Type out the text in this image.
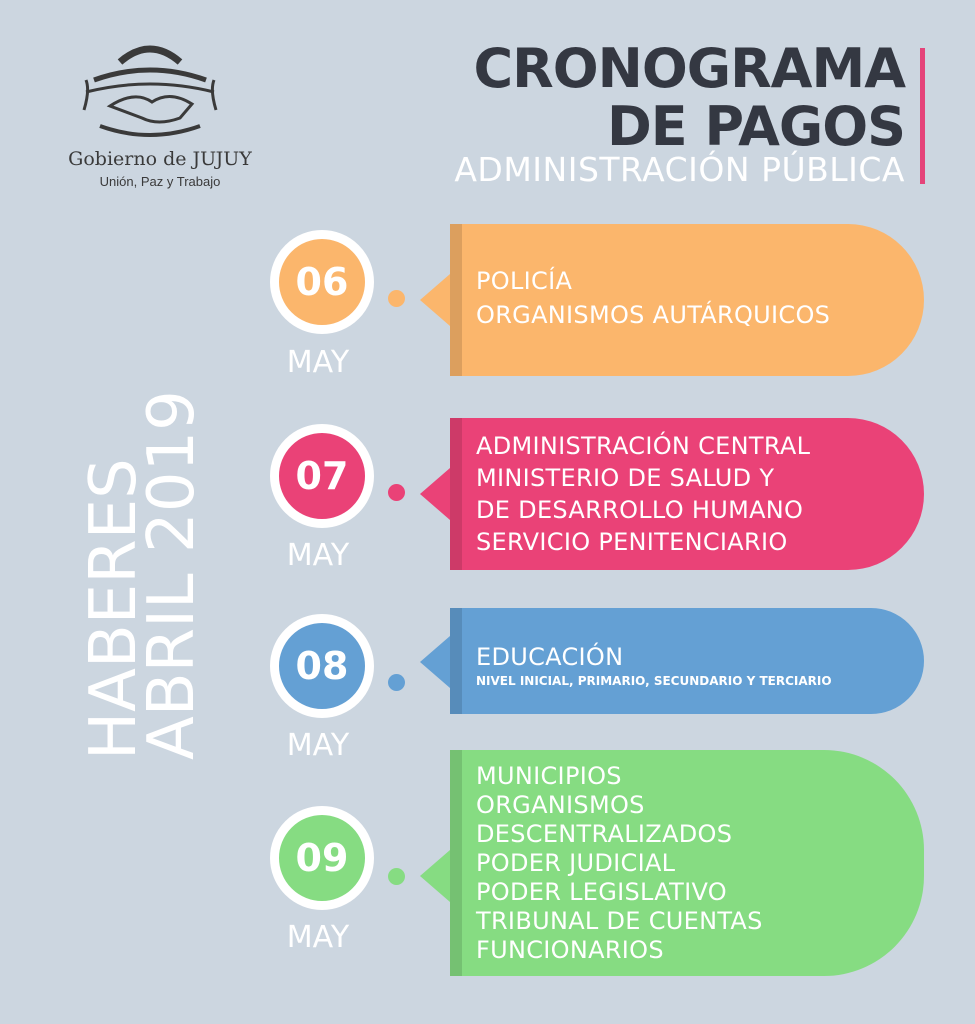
Gobierno de JUJUY
Unión, Paz y Trabajo
CRONOGRAMA
DE PAGOS
ADMINISTRACIÓN PÚBLICA
HABERES
ABRIL 2019
06
MAY
POLICÍA
ORGANISMOS AUTÁRQUICOS
07
MAY
ADMINISTRACIÓN CENTRAL
MINISTERIO DE SALUD Y
DE DESARROLLO HUMANO
SERVICIO PENITENCIARIO
08
MAY
EDUCACIÓN
NIVEL INICIAL, PRIMARIO, SECUNDARIO Y TERCIARIO
09
MAY
MUNICIPIOS
ORGANISMOS
DESCENTRALIZADOS
PODER JUDICIAL
PODER LEGISLATIVO
TRIBUNAL DE CUENTAS
FUNCIONARIOS
